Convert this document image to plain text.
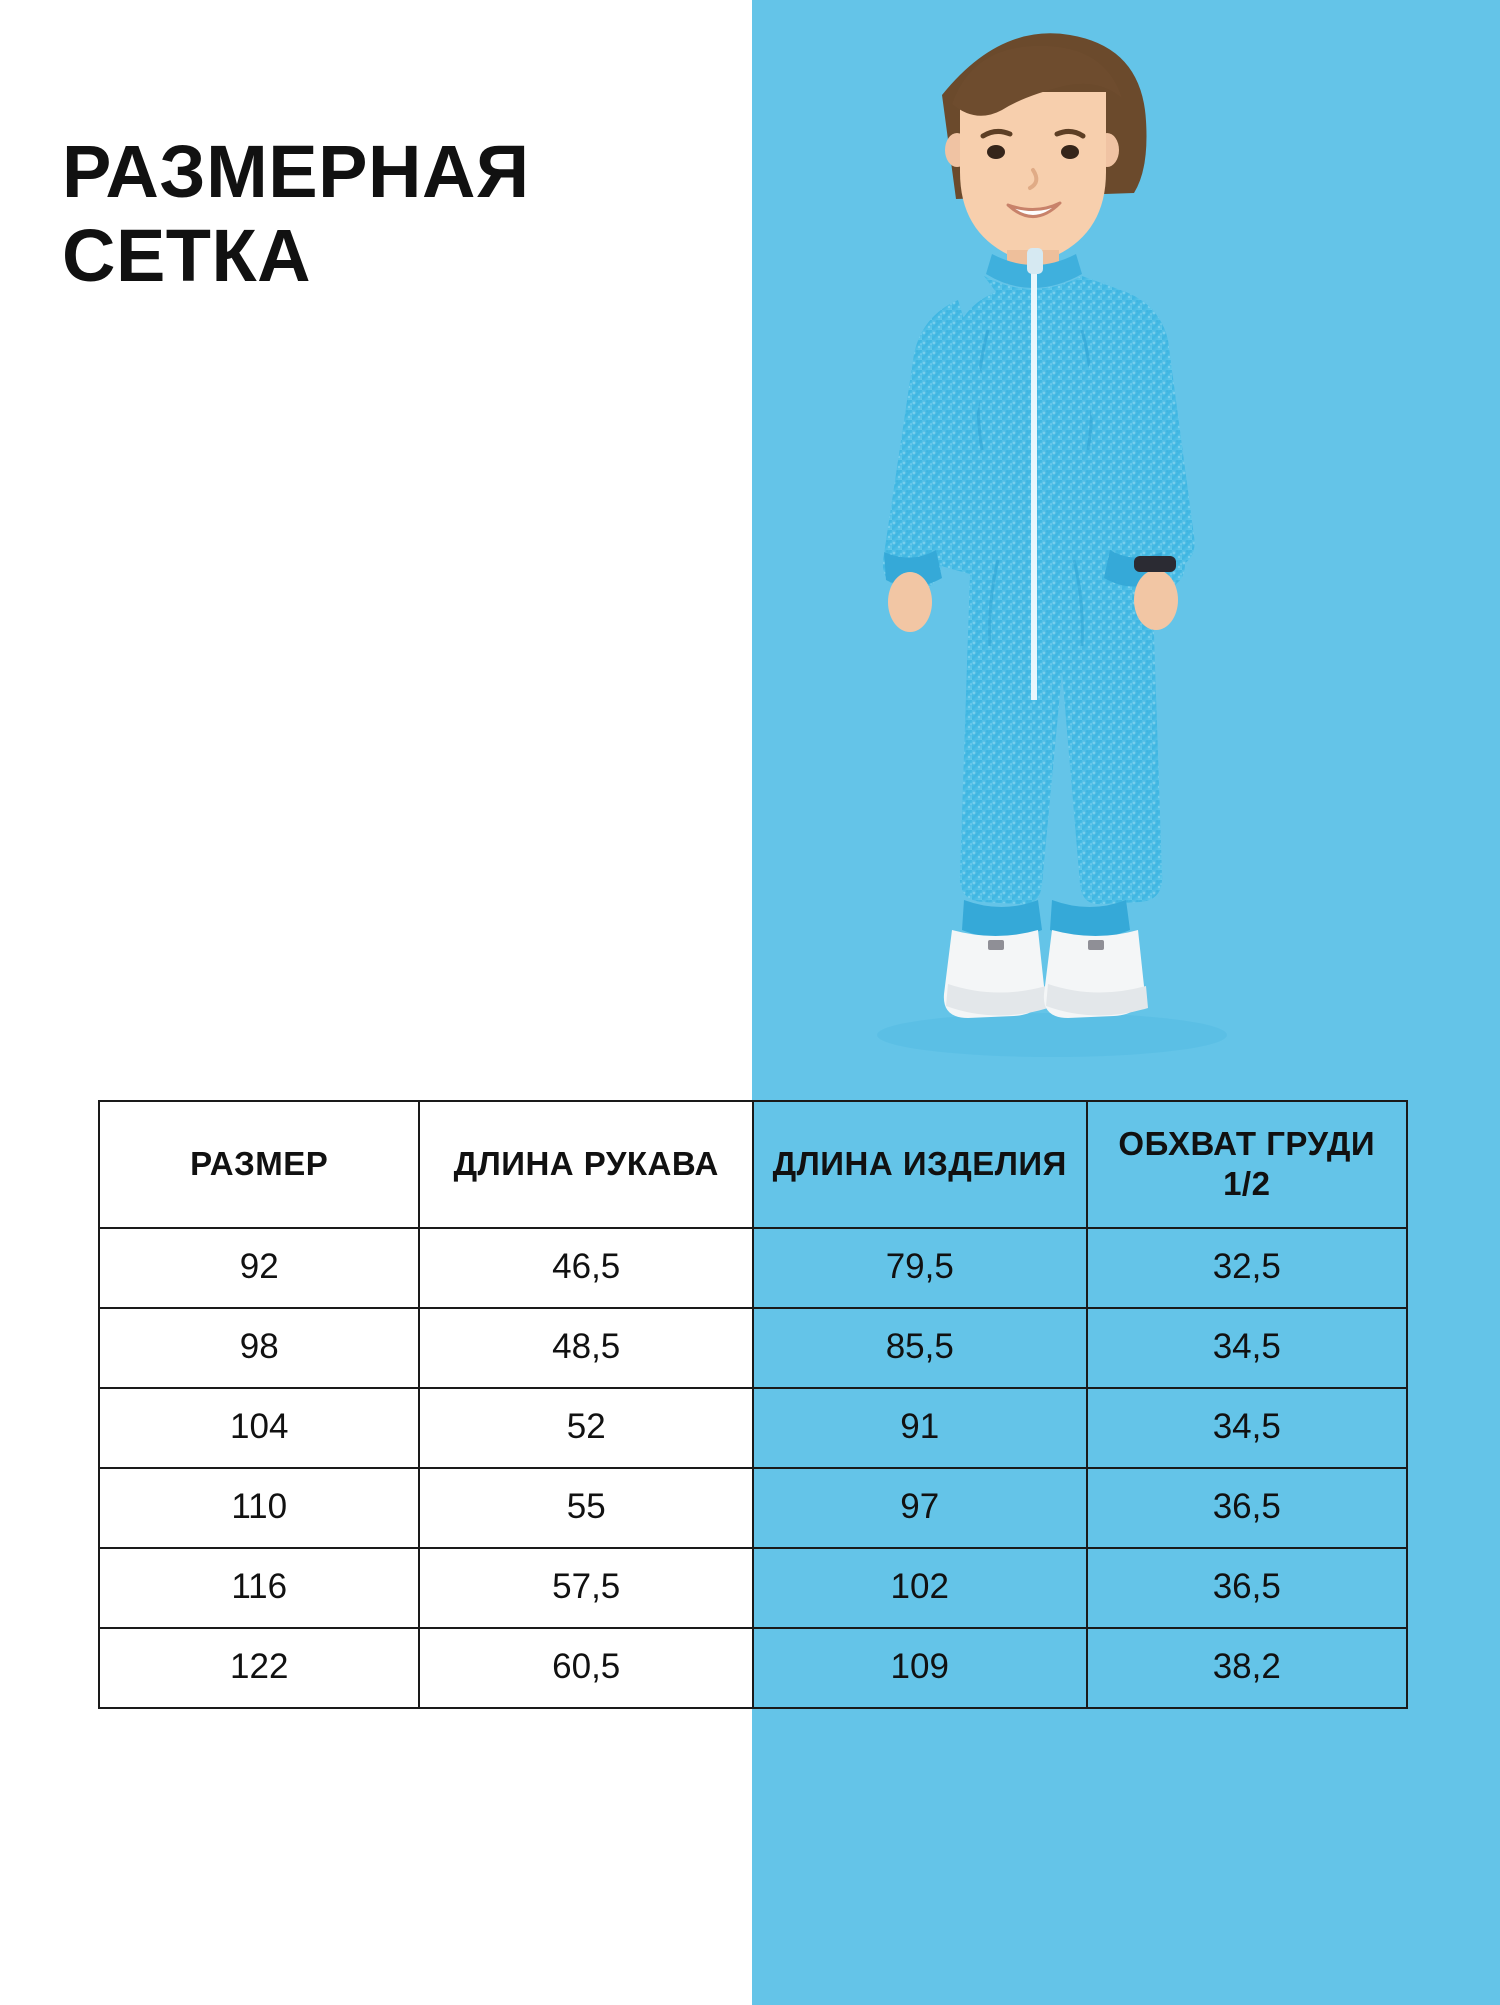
РАЗМЕРНАЯ
СЕТКА
РАЗМЕР	ДЛИНА РУКАВА	ДЛИНА ИЗДЕЛИЯ	ОБХВАТ ГРУДИ 1/2
92	46,5	79,5	32,5
98	48,5	85,5	34,5
104	52	91	34,5
110	55	97	36,5
116	57,5	102	36,5
122	60,5	109	38,2
